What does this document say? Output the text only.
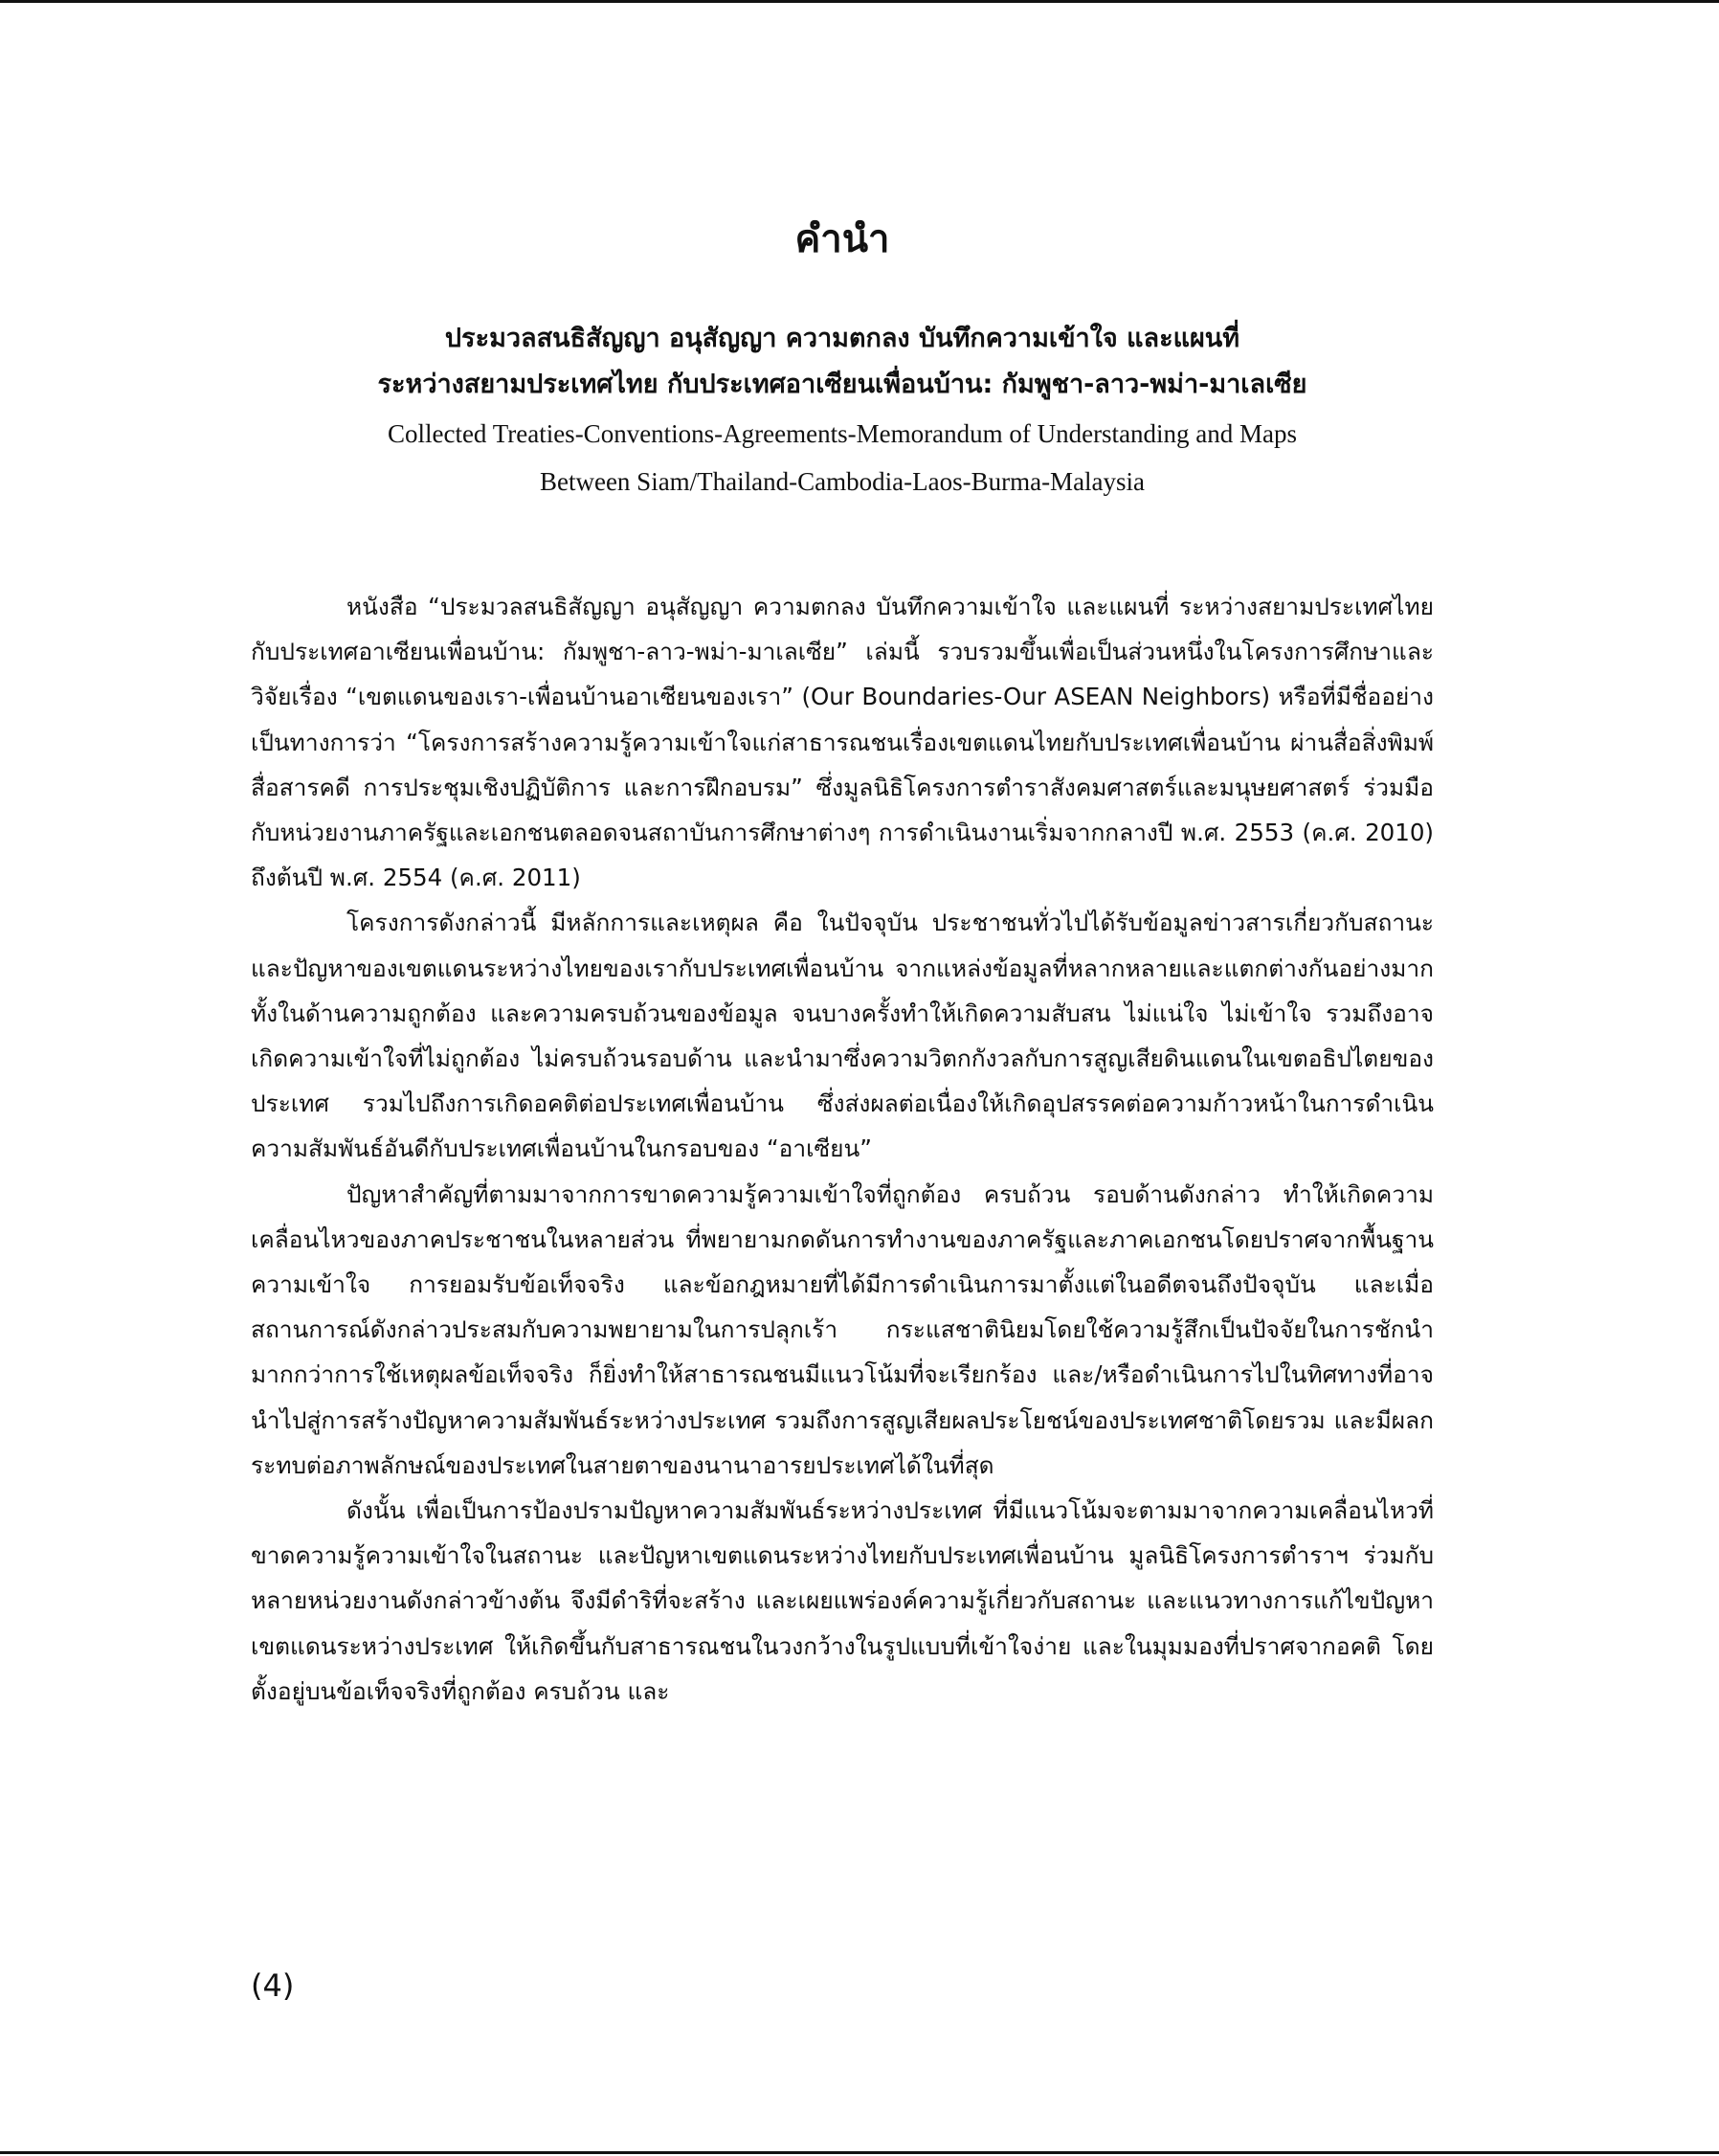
คำนำ

ประมวลสนธิสัญญา อนุสัญญา ความตกลง บันทึกความเข้าใจ และแผนที่

ระหว่างสยามประเทศไทย กับประเทศอาเซียนเพื่อนบ้าน: กัมพูชา-ลาว-พม่า-มาเลเซีย

Collected Treaties-Conventions-Agreements-Memorandum of Understanding and Maps

Between Siam/Thailand-Cambodia-Laos-Burma-Malaysia

หนังสือ “ประมวลสนธิสัญญา อนุสัญญา ความตกลง บันทึกความเข้าใจ และแผนที่ ระหว่างสยามประเทศไทยกับประเทศอาเซียนเพื่อนบ้าน: กัมพูชา-ลาว-พม่า-มาเลเซีย” เล่มนี้ รวบรวมขึ้นเพื่อเป็นส่วนหนึ่งในโครงการศึกษาและวิจัยเรื่อง “เขตแดนของเรา-เพื่อนบ้านอาเซียนของเรา” (Our Boundaries-Our ASEAN Neighbors) หรือที่มีชื่ออย่างเป็นทางการว่า “โครงการสร้างความรู้ความเข้าใจแก่สาธารณชนเรื่องเขตแดนไทยกับประเทศเพื่อนบ้าน ผ่านสื่อสิ่งพิมพ์ สื่อสารคดี การประชุมเชิงปฏิบัติการ และการฝึกอบรม” ซึ่งมูลนิธิโครงการตำราสังคมศาสตร์และมนุษยศาสตร์ ร่วมมือกับหน่วยงานภาครัฐและเอกชนตลอดจนสถาบันการศึกษาต่างๆ การดำเนินงานเริ่มจากกลางปี พ.ศ. 2553 (ค.ศ. 2010) ถึงต้นปี พ.ศ. 2554 (ค.ศ. 2011)

โครงการดังกล่าวนี้ มีหลักการและเหตุผล คือ ในปัจจุบัน ประชาชนทั่วไปได้รับข้อมูลข่าวสารเกี่ยวกับสถานะ และปัญหาของเขตแดนระหว่างไทยของเรากับประเทศเพื่อนบ้าน จากแหล่งข้อมูลที่หลากหลายและแตกต่างกันอย่างมาก ทั้งในด้านความถูกต้อง และความครบถ้วนของข้อมูล จนบางครั้งทำให้เกิดความสับสน ไม่แน่ใจ ไม่เข้าใจ รวมถึงอาจเกิดความเข้าใจที่ไม่ถูกต้อง ไม่ครบถ้วนรอบด้าน และนำมาซึ่งความวิตกกังวลกับการสูญเสียดินแดนในเขตอธิปไตยของประเทศ รวมไปถึงการเกิดอคติต่อประเทศเพื่อนบ้าน ซึ่งส่งผลต่อเนื่องให้เกิดอุปสรรคต่อความก้าวหน้าในการดำเนินความสัมพันธ์อันดีกับประเทศเพื่อนบ้านในกรอบของ “อาเซียน”

ปัญหาสำคัญที่ตามมาจากการขาดความรู้ความเข้าใจที่ถูกต้อง ครบถ้วน รอบด้านดังกล่าว ทำให้เกิดความเคลื่อนไหวของภาคประชาชนในหลายส่วน ที่พยายามกดดันการทำงานของภาครัฐและภาคเอกชนโดยปราศจากพื้นฐานความเข้าใจ การยอมรับข้อเท็จจริง และข้อกฎหมายที่ได้มีการดำเนินการมาตั้งแต่ในอดีตจนถึงปัจจุบัน และเมื่อสถานการณ์ดังกล่าวประสมกับความพยายามในการปลุกเร้า กระแสชาตินิยมโดยใช้ความรู้สึกเป็นปัจจัยในการชักนำ มากกว่าการใช้เหตุผลข้อเท็จจริง ก็ยิ่งทำให้สาธารณชนมีแนวโน้มที่จะเรียกร้อง และ/หรือดำเนินการไปในทิศทางที่อาจนำไปสู่การสร้างปัญหาความสัมพันธ์ระหว่างประเทศ รวมถึงการสูญเสียผลประโยชน์ของประเทศชาติโดยรวม และมีผลกระทบต่อภาพลักษณ์ของประเทศในสายตาของนานาอารยประเทศได้ในที่สุด

ดังนั้น เพื่อเป็นการป้องปรามปัญหาความสัมพันธ์ระหว่างประเทศ ที่มีแนวโน้มจะตามมาจากความเคลื่อนไหวที่ขาดความรู้ความเข้าใจในสถานะ และปัญหาเขตแดนระหว่างไทยกับประเทศเพื่อนบ้าน มูลนิธิโครงการตำราฯ ร่วมกับหลายหน่วยงานดังกล่าวข้างต้น จึงมีดำริที่จะสร้าง และเผยแพร่องค์ความรู้เกี่ยวกับสถานะ และแนวทางการแก้ไขปัญหาเขตแดนระหว่างประเทศ ให้เกิดขึ้นกับสาธารณชนในวงกว้างในรูปแบบที่เข้าใจง่าย และในมุมมองที่ปราศจากอคติ โดยตั้งอยู่บนข้อเท็จจริงที่ถูกต้อง ครบถ้วน และ

(4)
